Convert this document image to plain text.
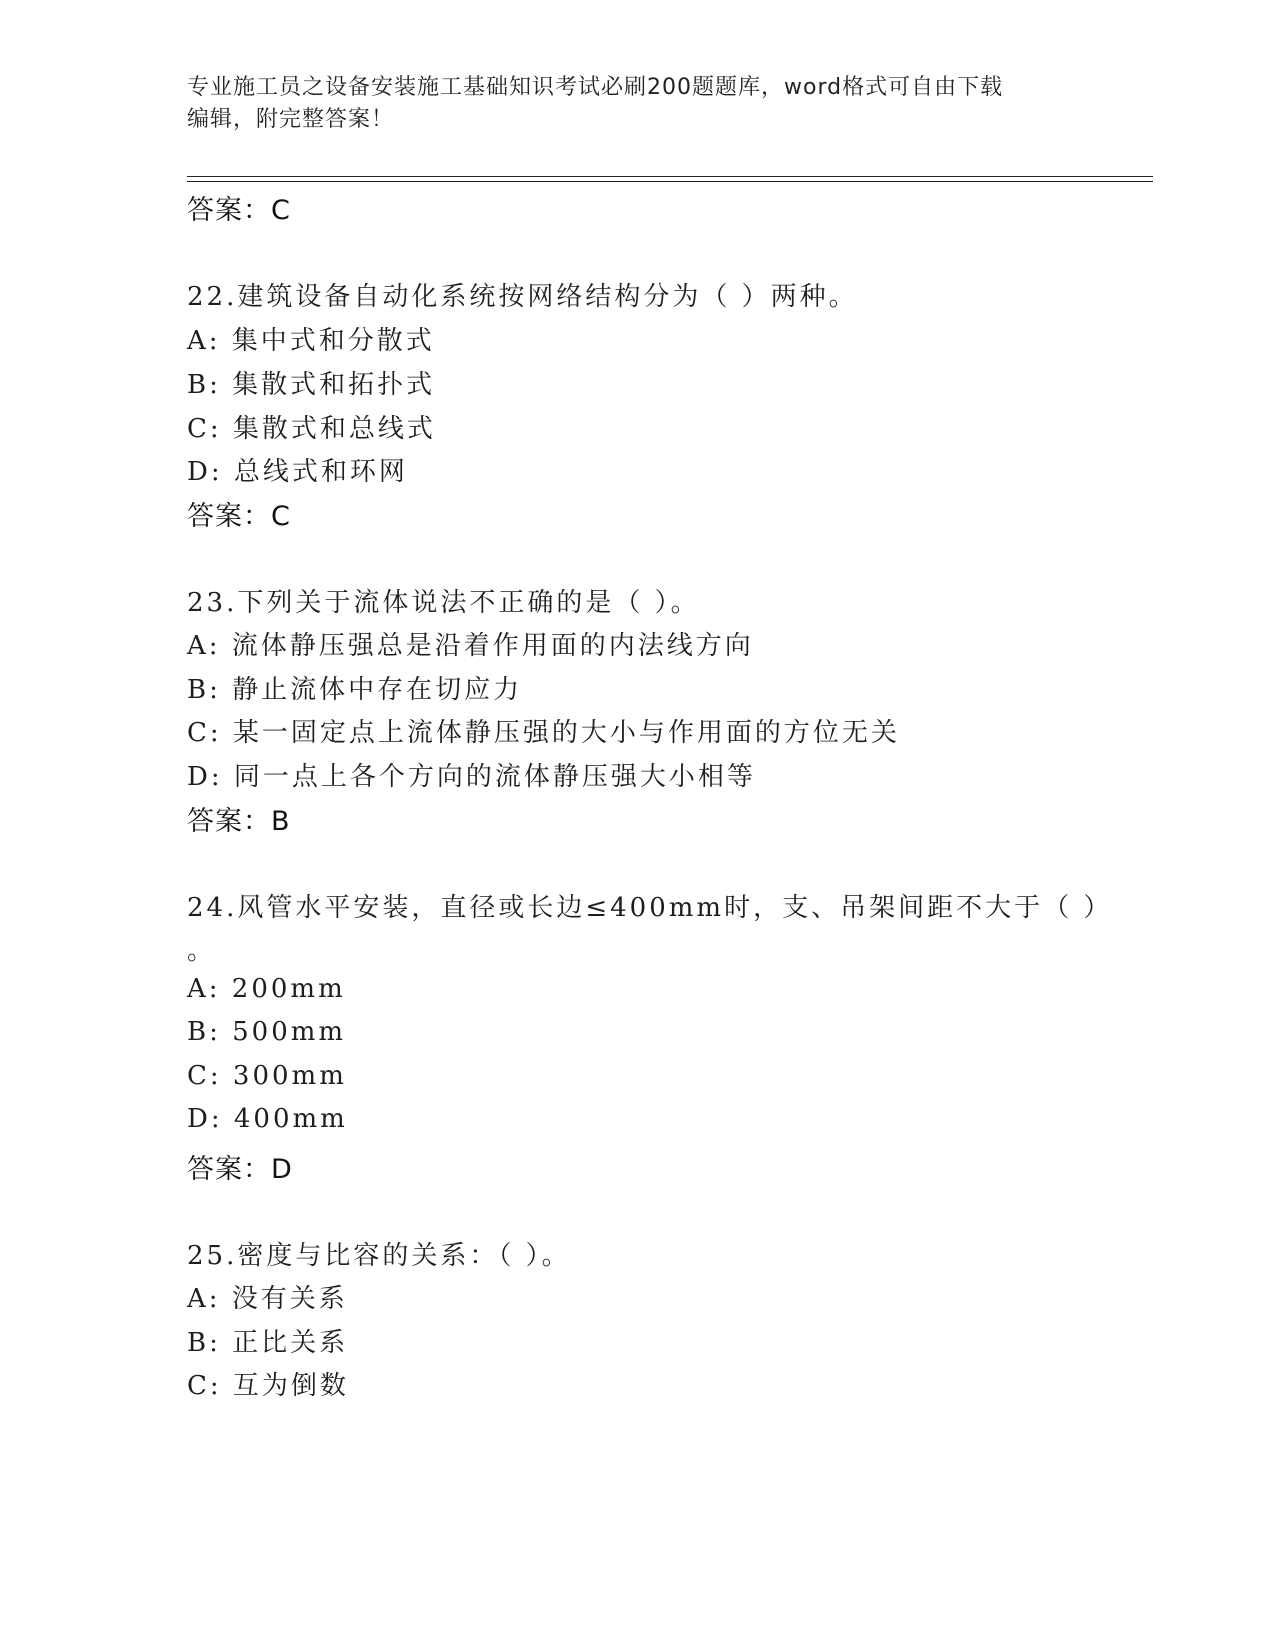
专业施工员之设备安装施工基础知识考试必刷200题题库，word格式可自由下载
编辑，附完整答案！
答案：C
22.建筑设备自动化系统按网络结构分为（ ）两种。
A: 集中式和分散式
B: 集散式和拓扑式
C: 集散式和总线式
D: 总线式和环网
答案：C
23.下列关于流体说法不正确的是（ ）。
A: 流体静压强总是沿着作用面的内法线方向
B: 静止流体中存在切应力
C: 某一固定点上流体静压强的大小与作用面的方位无关
D: 同一点上各个方向的流体静压强大小相等
答案：B
24.风管水平安装，直径或长边≤400mm时，支、吊架间距不大于（ ）
。
A: 200mm
B: 500mm
C: 300mm
D: 400mm
答案：D
25.密度与比容的关系：（ ）。
A: 没有关系
B: 正比关系
C: 互为倒数
